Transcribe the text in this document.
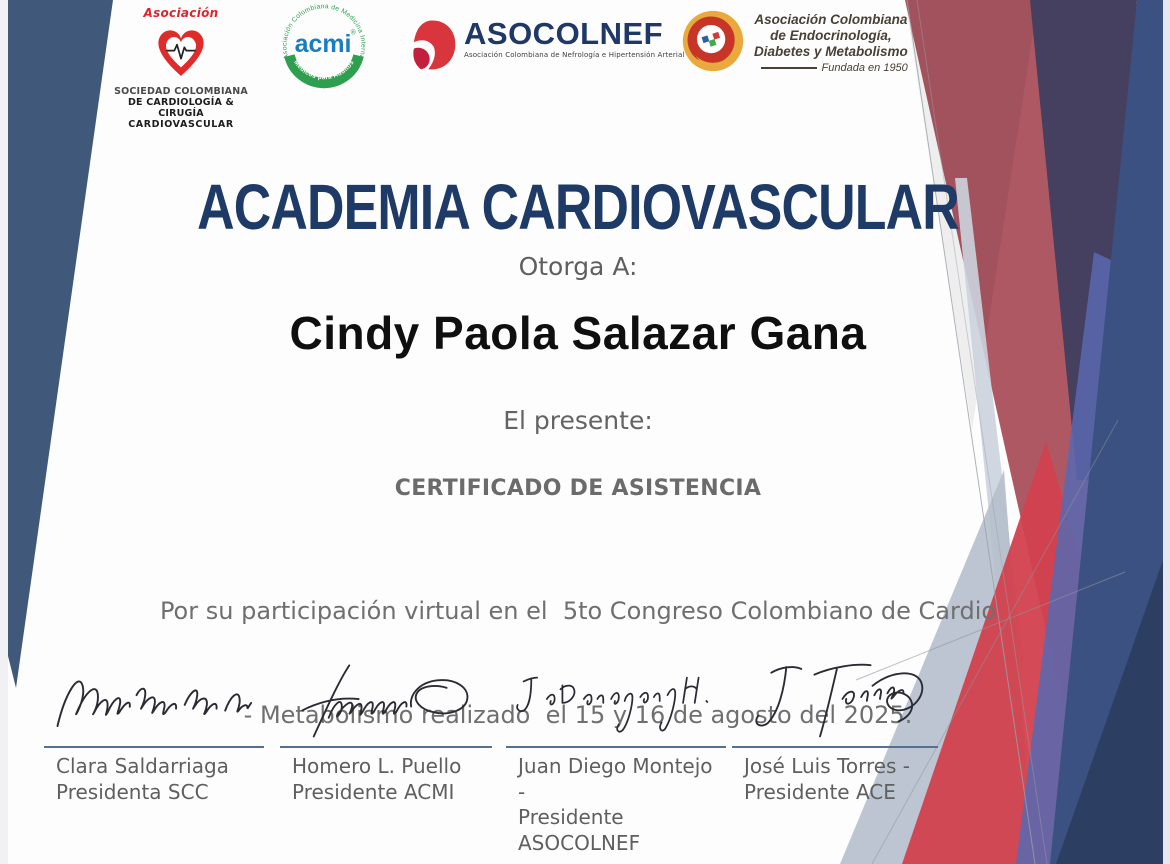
Asociación
SOCIEDAD COLOMBIANA
DE CARDIOLOGÍA & CIRUGÍA
CARDIOVASCULAR
Asociación Colombiana de Medicina Interna
Médicos para Adultos
acmi
®	ASOCOLNEF
Asociación Colombiana de Nefrología e Hipertensión Arterial
Asociación Colombiana
de Endocrinología,
Diabetes y Metabolismo
Fundada en 1950
ACADEMIA CARDIOVASCULAR
Otorga A:
Cindy Paola Salazar Gana
El presente:
CERTIFICADO DE ASISTENCIA

Por su participación virtual en el  5to Congreso Colombiano de Cardio

- Metabolismo realizado  el 15 y 16 de agosto del 2025.

Clara Saldarriaga
Presidenta SCC
Homero L. Puello
Presidente ACMI
Juan Diego Montejo -
Presidente ASOCOLNEF
José Luis Torres -
Presidente ACE
